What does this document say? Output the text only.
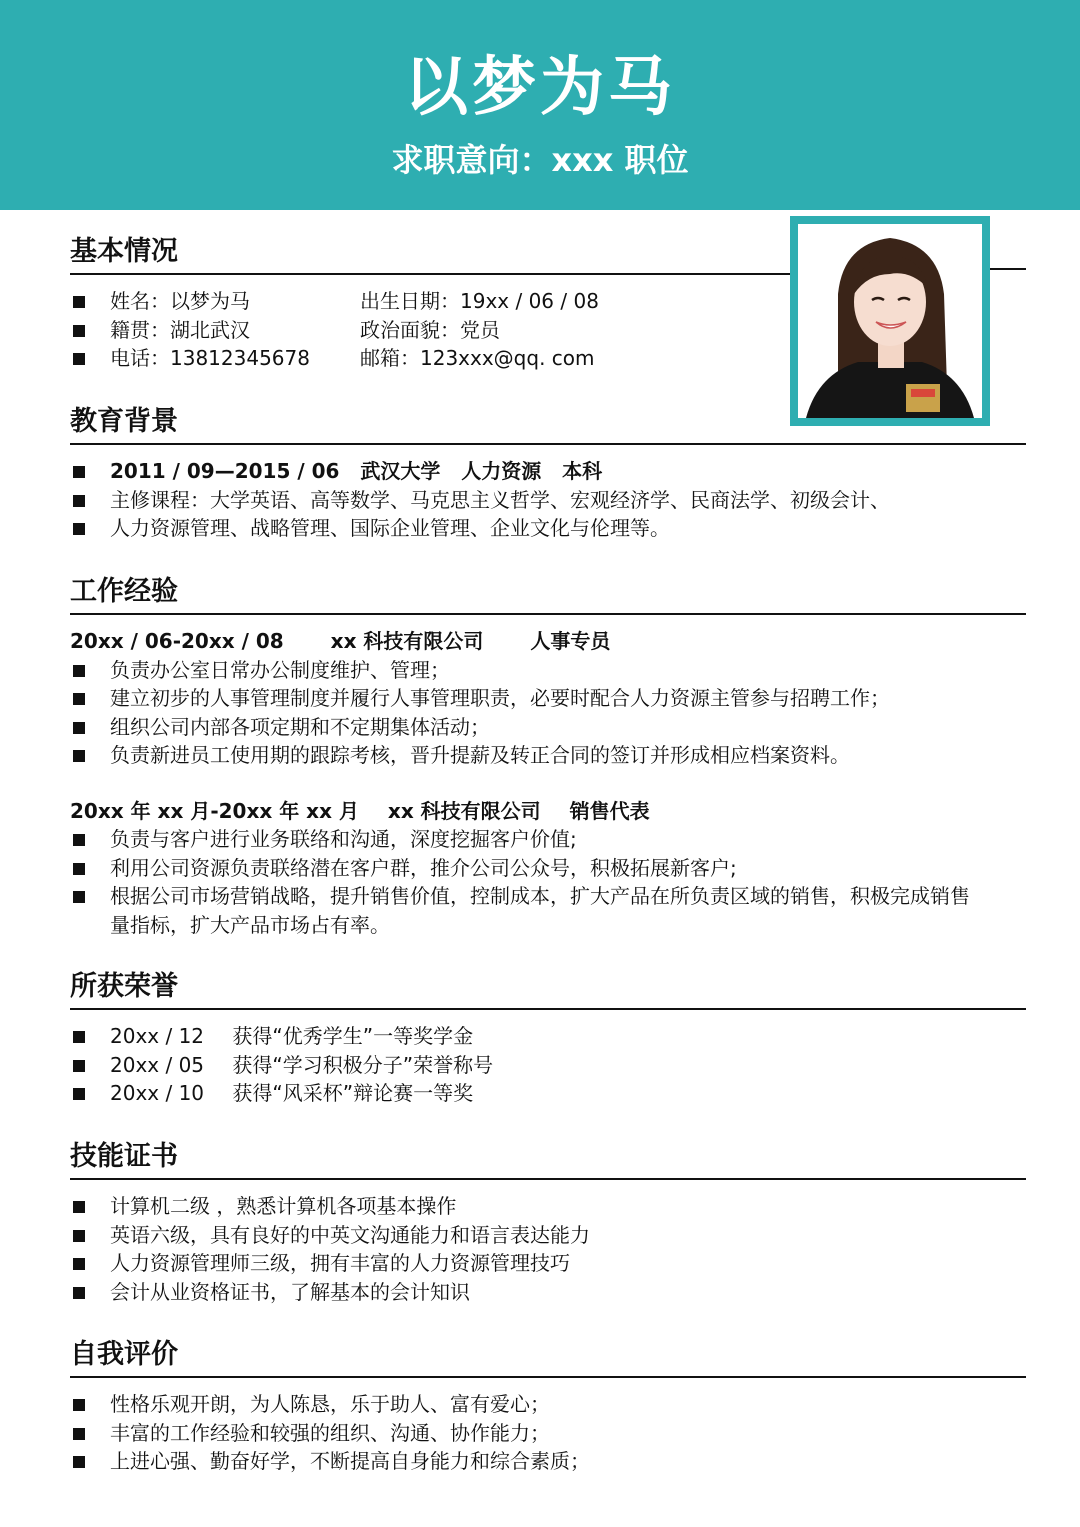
以梦为马
求职意向：xxx 职位
基本情况
姓名：以梦为马	出生日期：19xx / 06 / 08
籍贯：湖北武汉	政治面貌：党员
电话：13812345678	邮箱：123xxx@qq. com
教育背景
2011 / 09—2015 / 06   武汉大学   人力资源   本科
主修课程：大学英语、高等数学、马克思主义哲学、宏观经济学、民商法学、初级会计、
人力资源管理、战略管理、国际企业管理、企业文化与伦理等。
工作经验
20xx / 06-20xx / 08 xx 科技有限公司 人事专员
负责办公室日常办公制度维护、管理；
建立初步的人事管理制度并履行人事管理职责，必要时配合人力资源主管参与招聘工作；
组织公司内部各项定期和不定期集体活动；
负责新进员工使用期的跟踪考核，晋升提薪及转正合同的签订并形成相应档案资料。
20xx 年 xx 月-20xx 年 xx 月 xx 科技有限公司 销售代表
负责与客户进行业务联络和沟通，深度挖掘客户价值;
利用公司资源负责联络潜在客户群，推介公司公众号，积极拓展新客户;
根据公司市场营销战略，提升销售价值，控制成本，扩大产品在所负责区域的销售，积极完成销售量指标，扩大产品市场占有率。
所获荣誉
20xx / 12 获得“优秀学生”一等奖学金
20xx / 05 获得“学习积极分子”荣誉称号
20xx / 10 获得“风采杯”辩论赛一等奖
技能证书
计算机二级 ，熟悉计算机各项基本操作
英语六级，具有良好的中英文沟通能力和语言表达能力
人力资源管理师三级，拥有丰富的人力资源管理技巧
会计从业资格证书，了解基本的会计知识
自我评价
性格乐观开朗，为人陈恳，乐于助人、富有爱心；
丰富的工作经验和较强的组织、沟通、协作能力；
上进心强、勤奋好学，不断提高自身能力和综合素质；
